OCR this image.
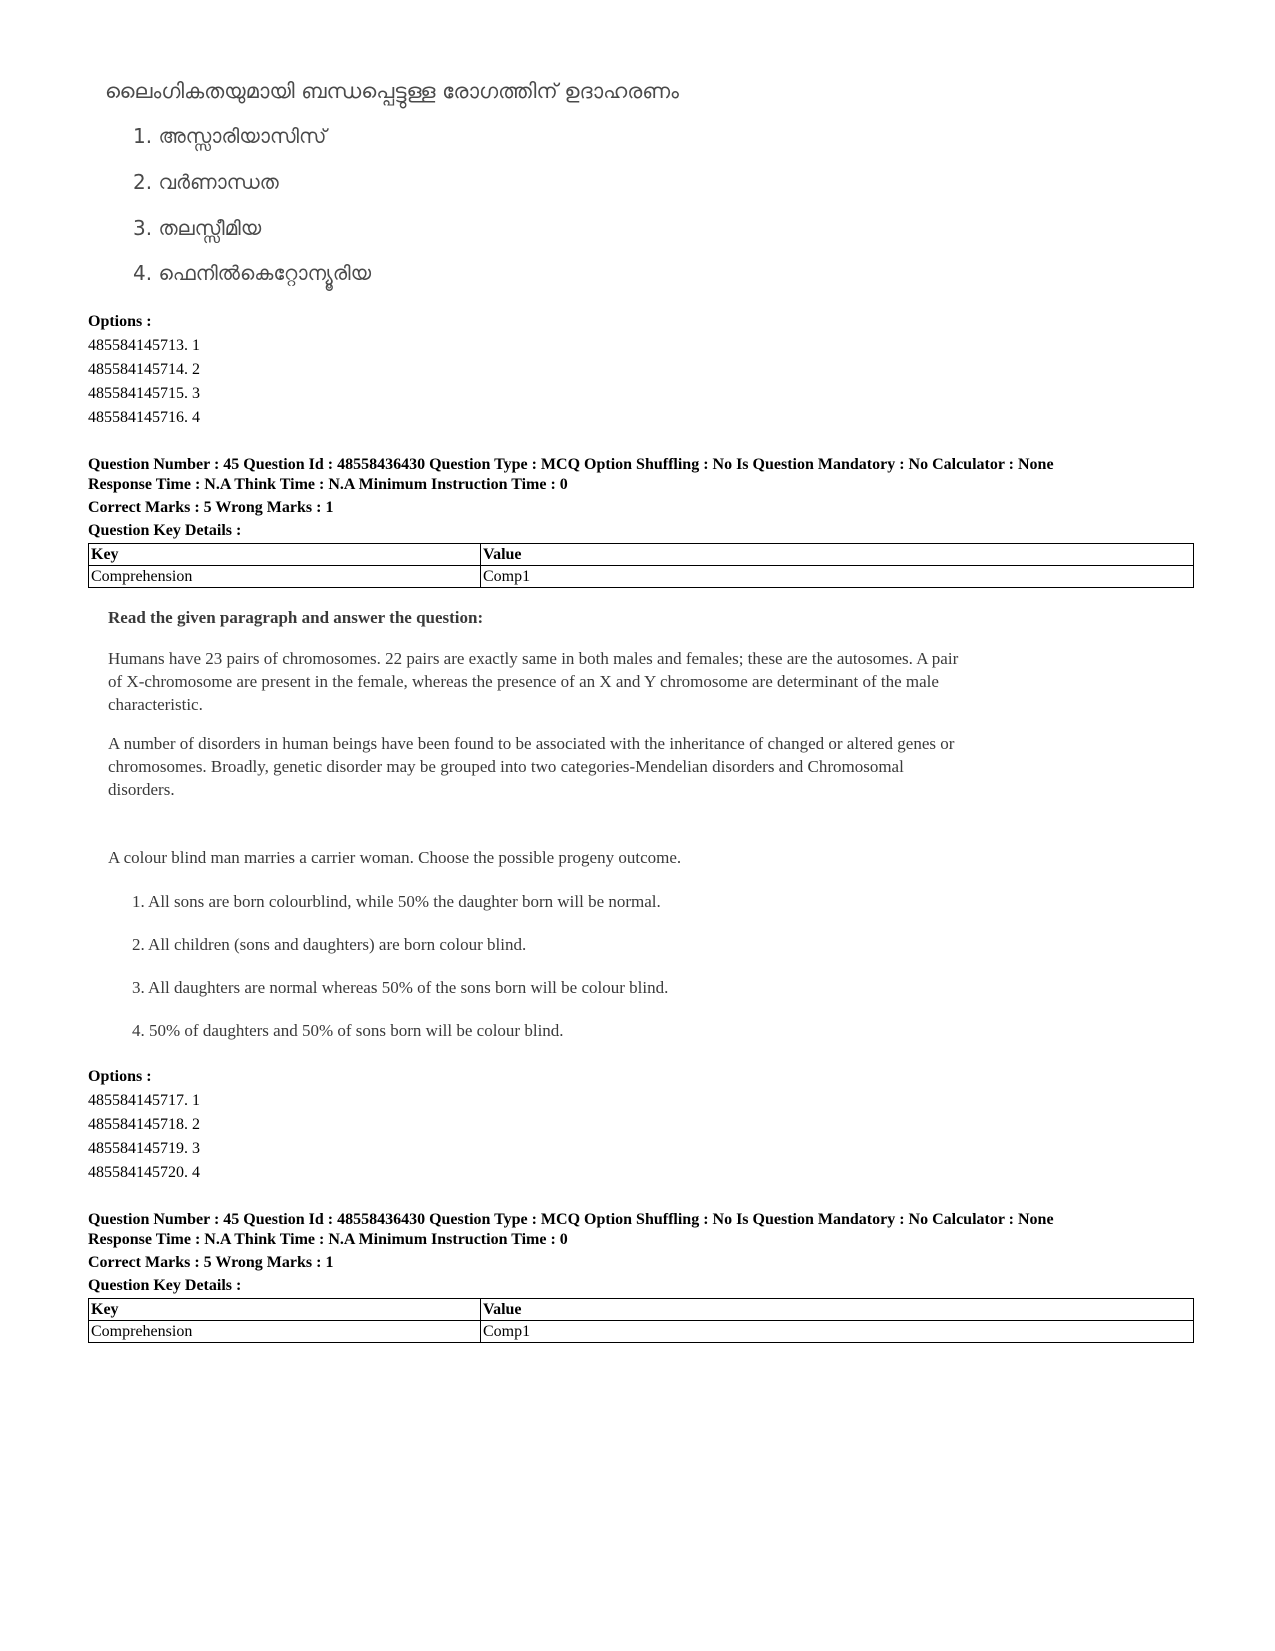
ലൈംഗികതയുമായി ബന്ധപ്പെട്ടുള്ള രോഗത്തിന് ഉദാഹരണം

1. അസ്സാരിയാസിസ്

2. വർണാന്ധത

3. തലസ്സീമിയ

4. ഫെനിൽകെറ്റോന്യൂരിയ

Options :
485584145713. 1
485584145714. 2
485584145715. 3
485584145716. 4
Question Number : 45 Question Id : 48558436430 Question Type : MCQ Option Shuffling : No Is Question Mandatory : No Calculator : None
Response Time : N.A Think Time : N.A Minimum Instruction Time : 0
Correct Marks : 5 Wrong Marks : 1
Question Key Details :
Key	Value
Comprehension	Comp1

Read the given paragraph and answer the question:

Humans have 23 pairs of chromosomes. 22 pairs are exactly same in both males and females; these are the autosomes. A pair of X-chromosome are present in the female, whereas the presence of an X and Y chromosome are determinant of the male characteristic.

A number of disorders in human beings have been found to be associated with the inheritance of changed or altered genes or chromosomes. Broadly, genetic disorder may be grouped into two categories-Mendelian disorders and Chromosomal disorders.

A colour blind man marries a carrier woman. Choose the possible progeny outcome.

1. All sons are born colourblind, while 50% the daughter born will be normal.

2. All children (sons and daughters) are born colour blind.

3. All daughters are normal whereas 50% of the sons born will be colour blind.

4. 50% of daughters and 50% of sons born will be colour blind.

Options :
485584145717. 1
485584145718. 2
485584145719. 3
485584145720. 4
Question Number : 45 Question Id : 48558436430 Question Type : MCQ Option Shuffling : No Is Question Mandatory : No Calculator : None
Response Time : N.A Think Time : N.A Minimum Instruction Time : 0
Correct Marks : 5 Wrong Marks : 1
Question Key Details :
Key	Value
Comprehension	Comp1
